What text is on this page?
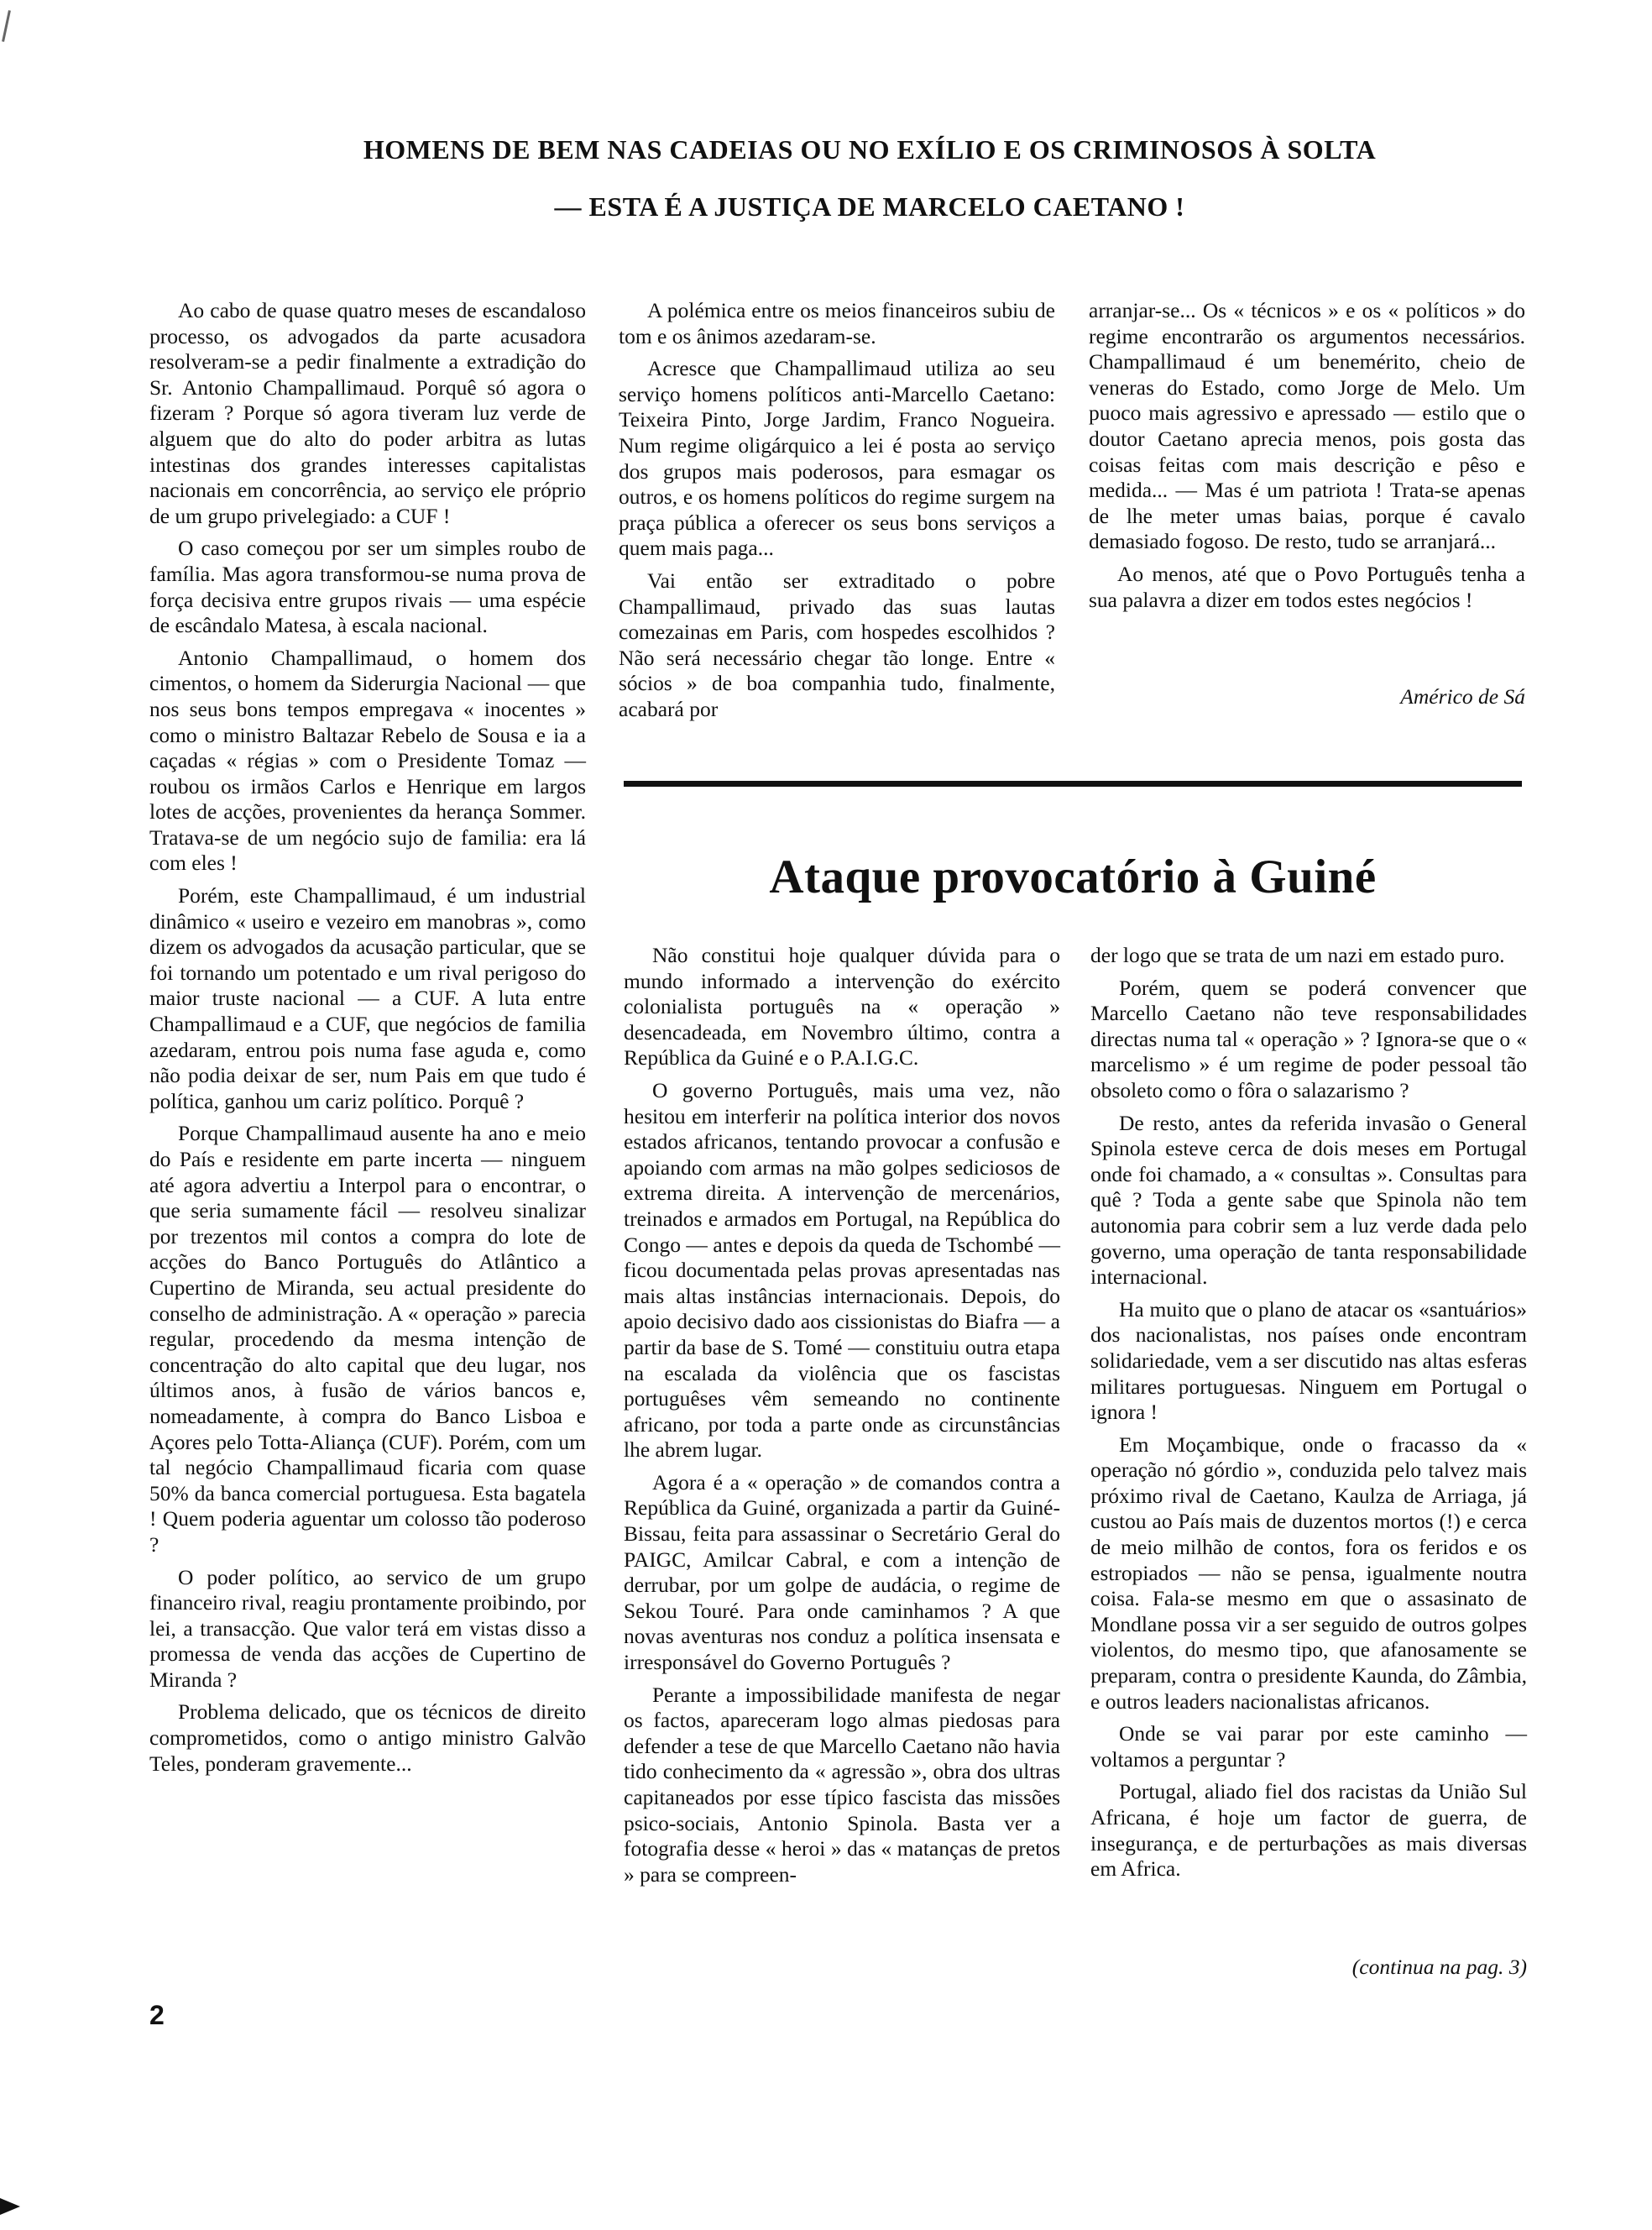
HOMENS DE BEM NAS CADEIAS OU NO EXÍLIO E OS CRIMINOSOS À SOLTA
— ESTA É A JUSTIÇA DE MARCELO CAETANO !

Ao cabo de quase quatro meses de escandaloso processo, os advogados da parte acusadora resolveram-se a pedir finalmente a extradição do Sr. Antonio Champallimaud. Porquê só agora o fizeram ? Porque só agora tiveram luz verde de alguem que do alto do poder arbitra as lutas intestinas dos grandes interesses capitalistas nacionais em concorrência, ao serviço ele próprio de um grupo privelegiado: a CUF !

O caso começou por ser um simples roubo de família. Mas agora transformou-se numa prova de força decisiva entre grupos rivais — uma espécie de escândalo Matesa, à escala nacional.

Antonio Champallimaud, o homem dos cimentos, o homem da Siderurgia Nacional — que nos seus bons tempos empregava « inocentes » como o ministro Baltazar Rebelo de Sousa e ia a caçadas « régias » com o Presidente Tomaz — roubou os irmãos Carlos e Henrique em largos lotes de acções, provenientes da herança Sommer. Tratava-se de um negócio sujo de familia: era lá com eles !

Porém, este Champallimaud, é um industrial dinâmico « useiro e vezeiro em manobras », como dizem os advogados da acusação particular, que se foi tornando um potentado e um rival perigoso do maior truste nacional — a CUF. A luta entre Champallimaud e a CUF, que negócios de familia azedaram, entrou pois numa fase aguda e, como não podia deixar de ser, num Pais em que tudo é política, ganhou um cariz político. Porquê ?

Porque Champallimaud ausente ha ano e meio do País e residente em parte incerta — ninguem até agora advertiu a Interpol para o encontrar, o que seria sumamente fácil — resolveu sinalizar por trezentos mil contos a compra do lote de acções do Banco Português do Atlântico a Cupertino de Miranda, seu actual presidente do conselho de administração. A « operação » parecia regular, procedendo da mesma intenção de concentração do alto capital que deu lugar, nos últimos anos, à fusão de vários bancos e, nomeadamente, à compra do Banco Lisboa e Açores pelo Totta-Aliança (CUF). Porém, com um tal negócio Champallimaud ficaria com quase 50% da banca comercial portuguesa. Esta bagatela ! Quem poderia aguentar um colosso tão poderoso ?

O poder político, ao servico de um grupo financeiro rival, reagiu prontamente proibindo, por lei, a transacção. Que valor terá em vistas disso a promessa de venda das acções de Cupertino de Miranda ?

Problema delicado, que os técnicos de direito comprometidos, como o antigo ministro Galvão Teles, ponderam gravemente...

A polémica entre os meios financeiros subiu de tom e os ânimos azedaram-se.

Acresce que Champallimaud utiliza ao seu serviço homens políticos anti-Marcello Caetano: Teixeira Pinto, Jorge Jardim, Franco Nogueira. Num regime oligárquico a lei é posta ao serviço dos grupos mais poderosos, para esmagar os outros, e os homens políticos do regime surgem na praça pública a oferecer os seus bons serviços a quem mais paga...

Vai então ser extraditado o pobre Champallimaud, privado das suas lautas comezainas em Paris, com hospedes escolhidos ? Não será necessário chegar tão longe. Entre « sócios » de boa companhia tudo, finalmente, acabará por

arranjar-se... Os « técnicos » e os « políticos » do regime encontrarão os argumentos necessários. Champallimaud é um benemérito, cheio de veneras do Estado, como Jorge de Melo. Um puoco mais agressivo e apressado — estilo que o doutor Caetano aprecia menos, pois gosta das coisas feitas com mais descrição e pêso e medida... — Mas é um patriota ! Trata-se apenas de lhe meter umas baias, porque é cavalo demasiado fogoso. De resto, tudo se arranjará...

Ao menos, até que o Povo Português tenha a sua palavra a dizer em todos estes negócios !

Américo de Sá
Ataque provocatório à Guiné

Não constitui hoje qualquer dúvida para o mundo informado a intervenção do exército colonialista português na « operação » desencadeada, em Novembro último, contra a República da Guiné e o P.A.I.G.C.

O governo Português, mais uma vez, não hesitou em interferir na política interior dos novos estados africanos, tentando provocar a confusão e apoiando com armas na mão golpes sediciosos de extrema direita. A intervenção de mercenários, treinados e armados em Portugal, na República do Congo — antes e depois da queda de Tschombé — ficou documentada pelas provas apresentadas nas mais altas instâncias internacionais. Depois, do apoio decisivo dado aos cissionistas do Biafra — a partir da base de S. Tomé — constituiu outra etapa na escalada da violência que os fascistas portuguêses vêm semeando no continente africano, por toda a parte onde as circunstâncias lhe abrem lugar.

Agora é a « operação » de comandos contra a República da Guiné, organizada a partir da Guiné-Bissau, feita para assassinar o Secretário Geral do PAIGC, Amilcar Cabral, e com a intenção de derrubar, por um golpe de audácia, o regime de Sekou Touré. Para onde caminhamos ? A que novas aventuras nos conduz a política insensata e irresponsável do Governo Português ?

Perante a impossibilidade manifesta de negar os factos, apareceram logo almas piedosas para defender a tese de que Marcello Caetano não havia tido conhecimento da « agressão », obra dos ultras capitaneados por esse típico fascista das missões psico-sociais, Antonio Spinola. Basta ver a fotografia desse « heroi » das « matanças de pretos » para se compreen-

der logo que se trata de um nazi em estado puro.

Porém, quem se poderá convencer que Marcello Caetano não teve responsabilidades directas numa tal « operação » ? Ignora-se que o « marcelismo » é um regime de poder pessoal tão obsoleto como o fôra o salazarismo ?

De resto, antes da referida invasão o General Spinola esteve cerca de dois meses em Portugal onde foi chamado, a « consultas ». Consultas para quê ? Toda a gente sabe que Spinola não tem autonomia para cobrir sem a luz verde dada pelo governo, uma operação de tanta responsabilidade internacional.

Ha muito que o plano de atacar os «santuários» dos nacionalistas, nos países onde encontram solidariedade, vem a ser discutido nas altas esferas militares portuguesas. Ninguem em Portugal o ignora !

Em Moçambique, onde o fracasso da « operação nó górdio », conduzida pelo talvez mais próximo rival de Caetano, Kaulza de Arriaga, já custou ao País mais de duzentos mortos (!) e cerca de meio milhão de contos, fora os feridos e os estropiados — não se pensa, igualmente noutra coisa. Fala-se mesmo em que o assasinato de Mondlane possa vir a ser seguido de outros golpes violentos, do mesmo tipo, que afanosamente se preparam, contra o presidente Kaunda, do Zâmbia, e outros leaders nacionalistas africanos.

Onde se vai parar por este caminho — voltamos a perguntar ?

Portugal, aliado fiel dos racistas da União Sul Africana, é hoje um factor de guerra, de insegurança, e de perturbações as mais diversas em Africa.

(continua na pag. 3)
2
